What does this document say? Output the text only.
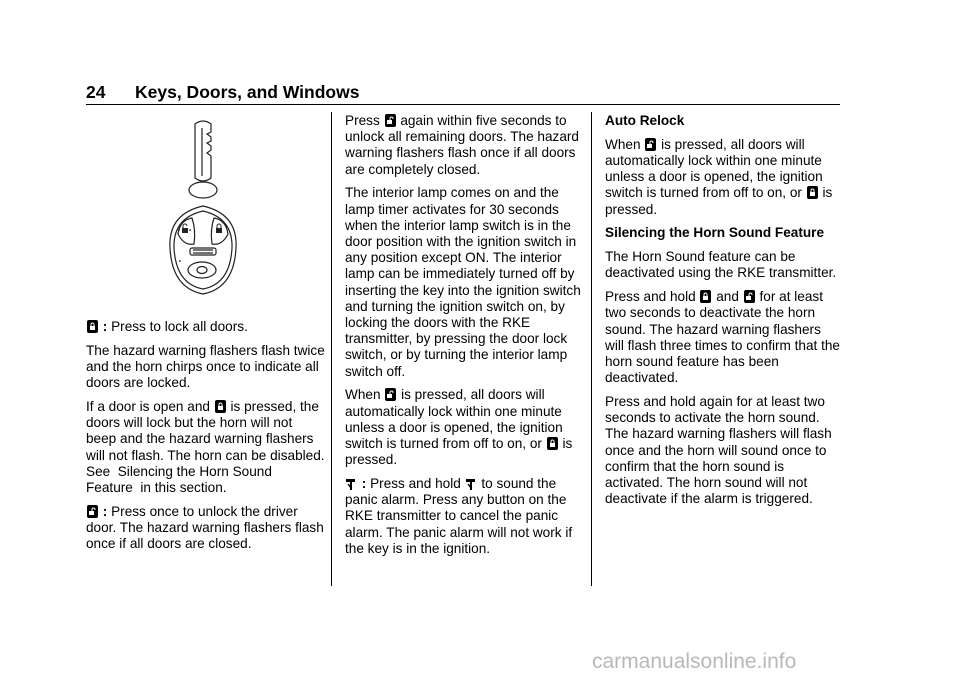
24 Keys, Doors, and Windows

: Press to lock all doors.

The hazard warning flashers flash twice and the horn chirps once to indicate all doors are locked.

If a door is open and is pressed, the doors will lock but the horn will not beep and the hazard warning flashers will not flash. The horn can be disabled. See  Silencing the Horn Sound Feature  in this section.

: Press once to unlock the driver door. The hazard warning flashers flash once if all doors are closed.

Press again within five seconds to unlock all remaining doors. The hazard warning flashers flash once if all doors are completely closed.

The interior lamp comes on and the lamp timer activates for 30 seconds when the interior lamp switch is in the door position with the ignition switch in any position except ON. The interior lamp can be immediately turned off by inserting the key into the ignition switch and turning the ignition switch on, by locking the doors with the RKE transmitter, by pressing the door lock switch, or by turning the interior lamp switch off.

When is pressed, all doors will automatically lock within one minute unless a door is opened, the ignition switch is turned from off to on, or is pressed.

: Press and hold to sound the panic alarm. Press any button on the RKE transmitter to cancel the panic alarm. The panic alarm will not work if the key is in the ignition.

Auto Relock

When is pressed, all doors will automatically lock within one minute unless a door is opened, the ignition switch is turned from off to on, or is pressed.

Silencing the Horn Sound Feature

The Horn Sound feature can be deactivated using the RKE transmitter.

Press and hold and for at least two seconds to deactivate the horn sound. The hazard warning flashers will flash three times to confirm that the horn sound feature has been deactivated.

Press and hold again for at least two seconds to activate the horn sound. The hazard warning flashers will flash once and the horn will sound once to confirm that the horn sound is activated. The horn sound will not deactivate if the alarm is triggered.

carmanualsonline.info
